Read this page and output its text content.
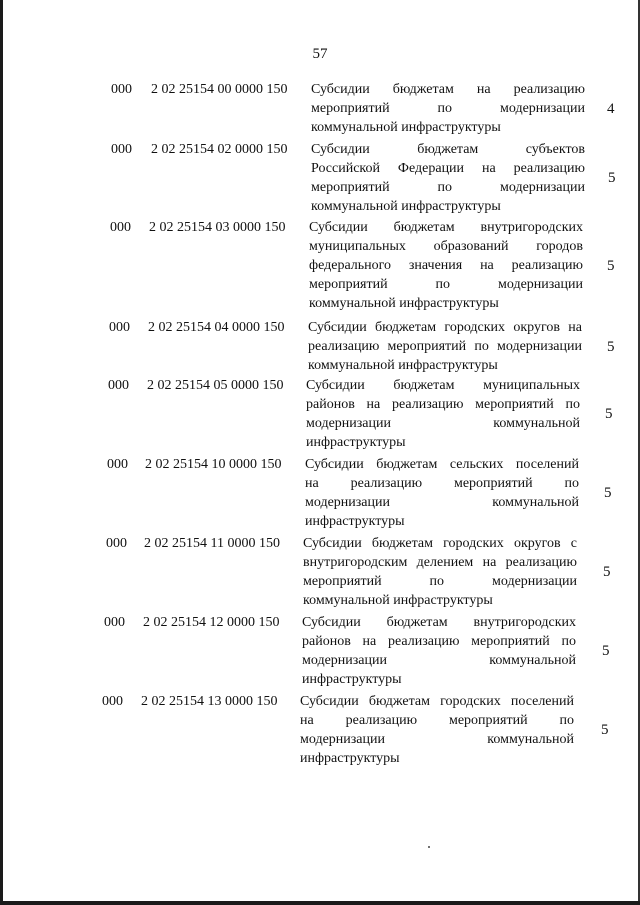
57
000 2 02 25154 00 0000 150 Субсидии бюджетам на реализацию
мероприятий по модернизации
коммунальной инфраструктуры
4
000 2 02 25154 02 0000 150 Субсидии бюджетам субъектов
Российской Федерации на реализацию
мероприятий по модернизации
коммунальной инфраструктуры
5
000 2 02 25154 03 0000 150 Субсидии бюджетам внутригородских
муниципальных образований городов
федерального значения на реализацию
мероприятий по модернизации
коммунальной инфраструктуры
5
000 2 02 25154 04 0000 150 Субсидии бюджетам городских округов на
реализацию мероприятий по модернизации
коммунальной инфраструктуры
5
000 2 02 25154 05 0000 150 Субсидии бюджетам муниципальных
районов на реализацию мероприятий по
модернизации коммунальной
инфраструктуры
5
000 2 02 25154 10 0000 150 Субсидии бюджетам сельских поселений
на реализацию мероприятий по
модернизации коммунальной
инфраструктуры
5
000 2 02 25154 11 0000 150 Субсидии бюджетам городских округов с
внутригородским делением на реализацию
мероприятий по модернизации
коммунальной инфраструктуры
5
000 2 02 25154 12 0000 150 Субсидии бюджетам внутригородских
районов на реализацию мероприятий по
модернизации коммунальной
инфраструктуры
5
000 2 02 25154 13 0000 150 Субсидии бюджетам городских поселений
на реализацию мероприятий по
модернизации коммунальной
инфраструктуры
5
